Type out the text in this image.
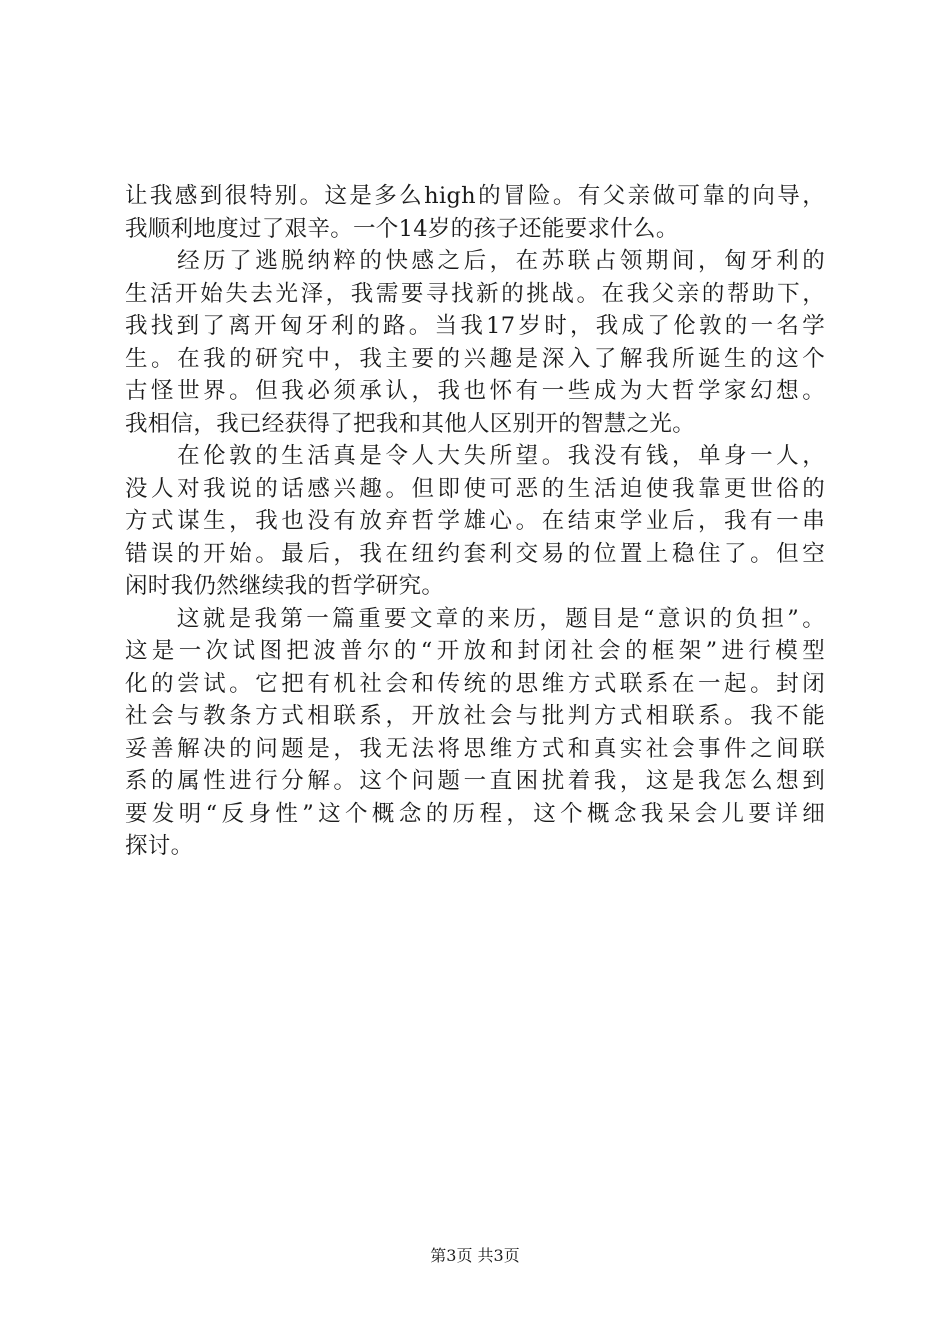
让我感到很特别。这是多么high的冒险。有父亲做可靠的向导，
我顺利地度过了艰辛。一个14岁的孩子还能要求什么。
　　经历了逃脱纳粹的快感之后，在苏联占领期间，匈牙利的
生活开始失去光泽，我需要寻找新的挑战。在我父亲的帮助下，
我找到了离开匈牙利的路。当我17岁时，我成了伦敦的一名学
生。在我的研究中，我主要的兴趣是深入了解我所诞生的这个
古怪世界。但我必须承认，我也怀有一些成为大哲学家幻想。
我相信，我已经获得了把我和其他人区别开的智慧之光。
　　在伦敦的生活真是令人大失所望。我没有钱，单身一人，
没人对我说的话感兴趣。但即使可恶的生活迫使我靠更世俗的
方式谋生，我也没有放弃哲学雄心。在结束学业后，我有一串
错误的开始。最后，我在纽约套利交易的位置上稳住了。但空
闲时我仍然继续我的哲学研究。
　　这就是我第一篇重要文章的来历，题目是“意识的负担”。
这是一次试图把波普尔的“开放和封闭社会的框架”进行模型
化的尝试。它把有机社会和传统的思维方式联系在一起。封闭
社会与教条方式相联系，开放社会与批判方式相联系。我不能
妥善解决的问题是，我无法将思维方式和真实社会事件之间联
系的属性进行分解。这个问题一直困扰着我，这是我怎么想到
要发明“反身性”这个概念的历程，这个概念我呆会儿要详细
探讨。
第3页 共3页
